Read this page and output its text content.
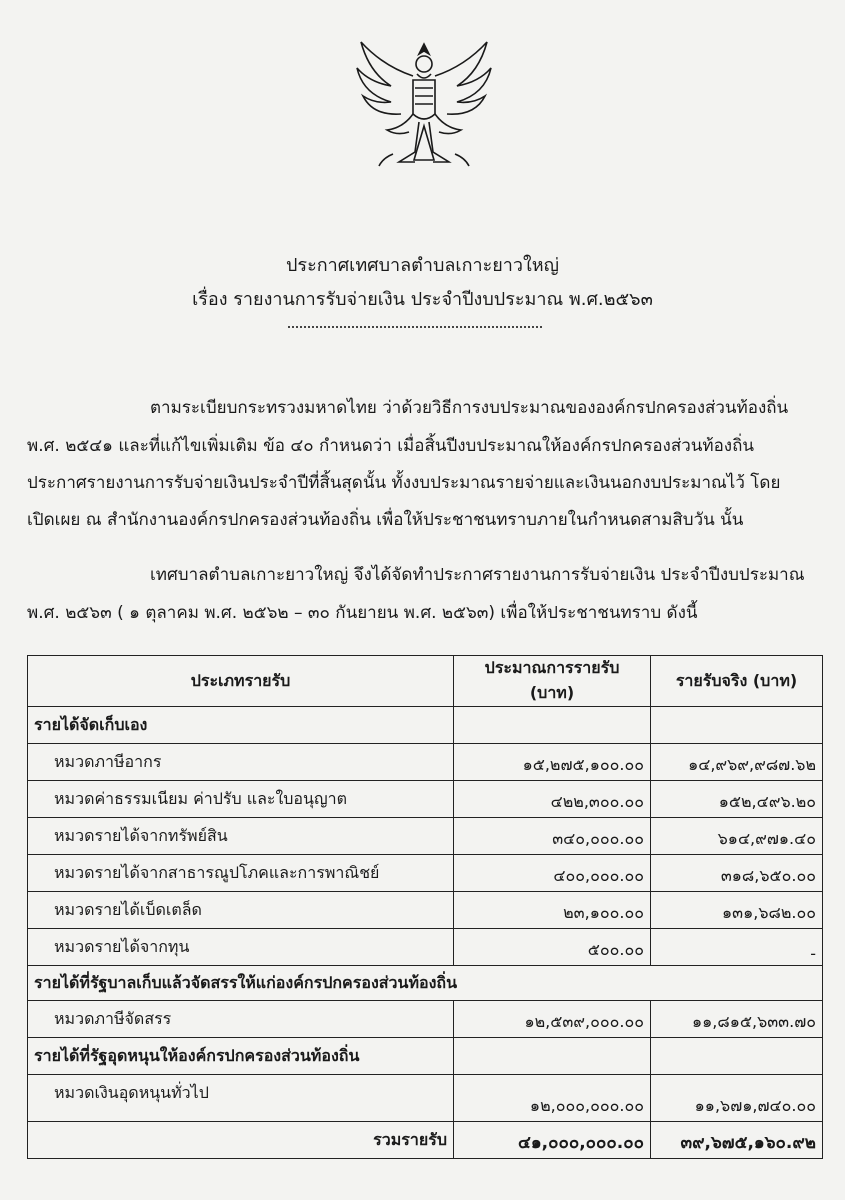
ประกาศเทศบาลตำบลเกาะยาวใหญ่
เรื่อง รายงานการรับจ่ายเงิน ประจำปีงบประมาณ พ.ศ.๒๕๖๓
ตามระเบียบกระทรวงมหาดไทย ว่าด้วยวิธีการงบประมาณขององค์กรปกครองส่วนท้องถิ่น
พ.ศ. ๒๕๔๑ และที่แก้ไขเพิ่มเติม ข้อ ๔๐ กำหนดว่า เมื่อสิ้นปีงบประมาณให้องค์กรปกครองส่วนท้องถิ่น
ประกาศรายงานการรับจ่ายเงินประจำปีที่สิ้นสุดนั้น ทั้งงบประมาณรายจ่ายและเงินนอกงบประมาณไว้ โดย
เปิดเผย ณ สำนักงานองค์กรปกครองส่วนท้องถิ่น เพื่อให้ประชาชนทราบภายในกำหนดสามสิบวัน นั้น
เทศบาลตำบลเกาะยาวใหญ่ จึงได้จัดทำประกาศรายงานการรับจ่ายเงิน ประจำปีงบประมาณ
พ.ศ. ๒๕๖๓ ( ๑ ตุลาคม พ.ศ. ๒๕๖๒ – ๓๐ กันยายน พ.ศ. ๒๕๖๓) เพื่อให้ประชาชนทราบ ดังนี้
ประเภทรายรับ	ประมาณการรายรับ (บาท)	รายรับจริง (บาท)
รายได้จัดเก็บเอง		
หมวดภาษีอากร	๑๕,๒๗๕,๑๐๐.๐๐	๑๔,๙๖๙,๙๘๗.๖๒
หมวดค่าธรรมเนียม ค่าปรับ และใบอนุญาต	๔๒๒,๓๐๐.๐๐	๑๕๒,๔๙๖.๒๐
หมวดรายได้จากทรัพย์สิน	๓๔๐,๐๐๐.๐๐	๖๑๔,๙๗๑.๔๐
หมวดรายได้จากสาธารณูปโภคและการพาณิชย์	๔๐๐,๐๐๐.๐๐	๓๑๘,๖๕๐.๐๐
หมวดรายได้เบ็ดเตล็ด	๒๓,๑๐๐.๐๐	๑๓๑,๖๘๒.๐๐
หมวดรายได้จากทุน	๕๐๐.๐๐	-
รายได้ที่รัฐบาลเก็บแล้วจัดสรรให้แก่องค์กรปกครองส่วนท้องถิ่น		
หมวดภาษีจัดสรร	๑๒,๕๓๙,๐๐๐.๐๐	๑๑,๘๑๕,๖๓๓.๗๐
รายได้ที่รัฐอุดหนุนให้องค์กรปกครองส่วนท้องถิ่น		
หมวดเงินอุดหนุนทั่วไป	๑๒,๐๐๐,๐๐๐.๐๐	๑๑,๖๗๑,๗๔๐.๐๐
รวมรายรับ	๔๑,๐๐๐,๐๐๐.๐๐	๓๙,๖๗๕,๑๖๐.๙๒
